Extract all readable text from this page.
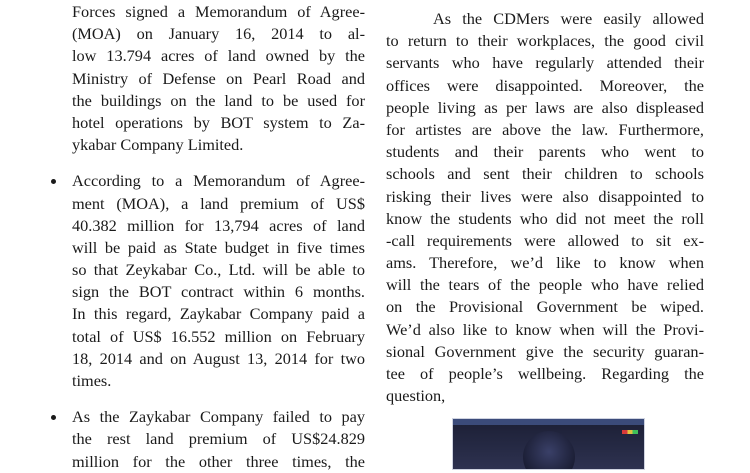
Forces signed a Memorandum of Agree-
(MOA) on January 16, 2014 to al-
low 13.794 acres of land owned by the
Ministry of Defense on Pearl Road and
the buildings on the land to be used for
hotel operations by BOT system to Za-
ykabar Company Limited.
According to a Memorandum of Agree-
ment (MOA), a land premium of US$
40.382 million for 13,794 acres of land
will be paid as State budget in five times
so that Zeykabar Co., Ltd. will be able to
sign the BOT contract within 6 months.
In this regard, Zaykabar Company paid a
total of US$ 16.552 million on February
18, 2014 and on August 13, 2014 for two
times.
As the Zaykabar Company failed to pay
the rest land premium of US$24.829
million for the other three times, the
As the CDMers were easily allowed
to return to their workplaces, the good civil
servants who have regularly attended their
offices were disappointed. Moreover, the
people living as per laws are also displeased
for artistes are above the law. Furthermore,
students and their parents who went to
schools and sent their children to schools
risking their lives were also disappointed to
know the students who did not meet the roll
-call requirements were allowed to sit ex-
ams. Therefore, we’d like to know when
will the tears of the people who have relied
on the Provisional Government be wiped.
We’d also like to know when will the Provi-
sional Government give the security guaran-
tee of people’s wellbeing. Regarding the
question,
